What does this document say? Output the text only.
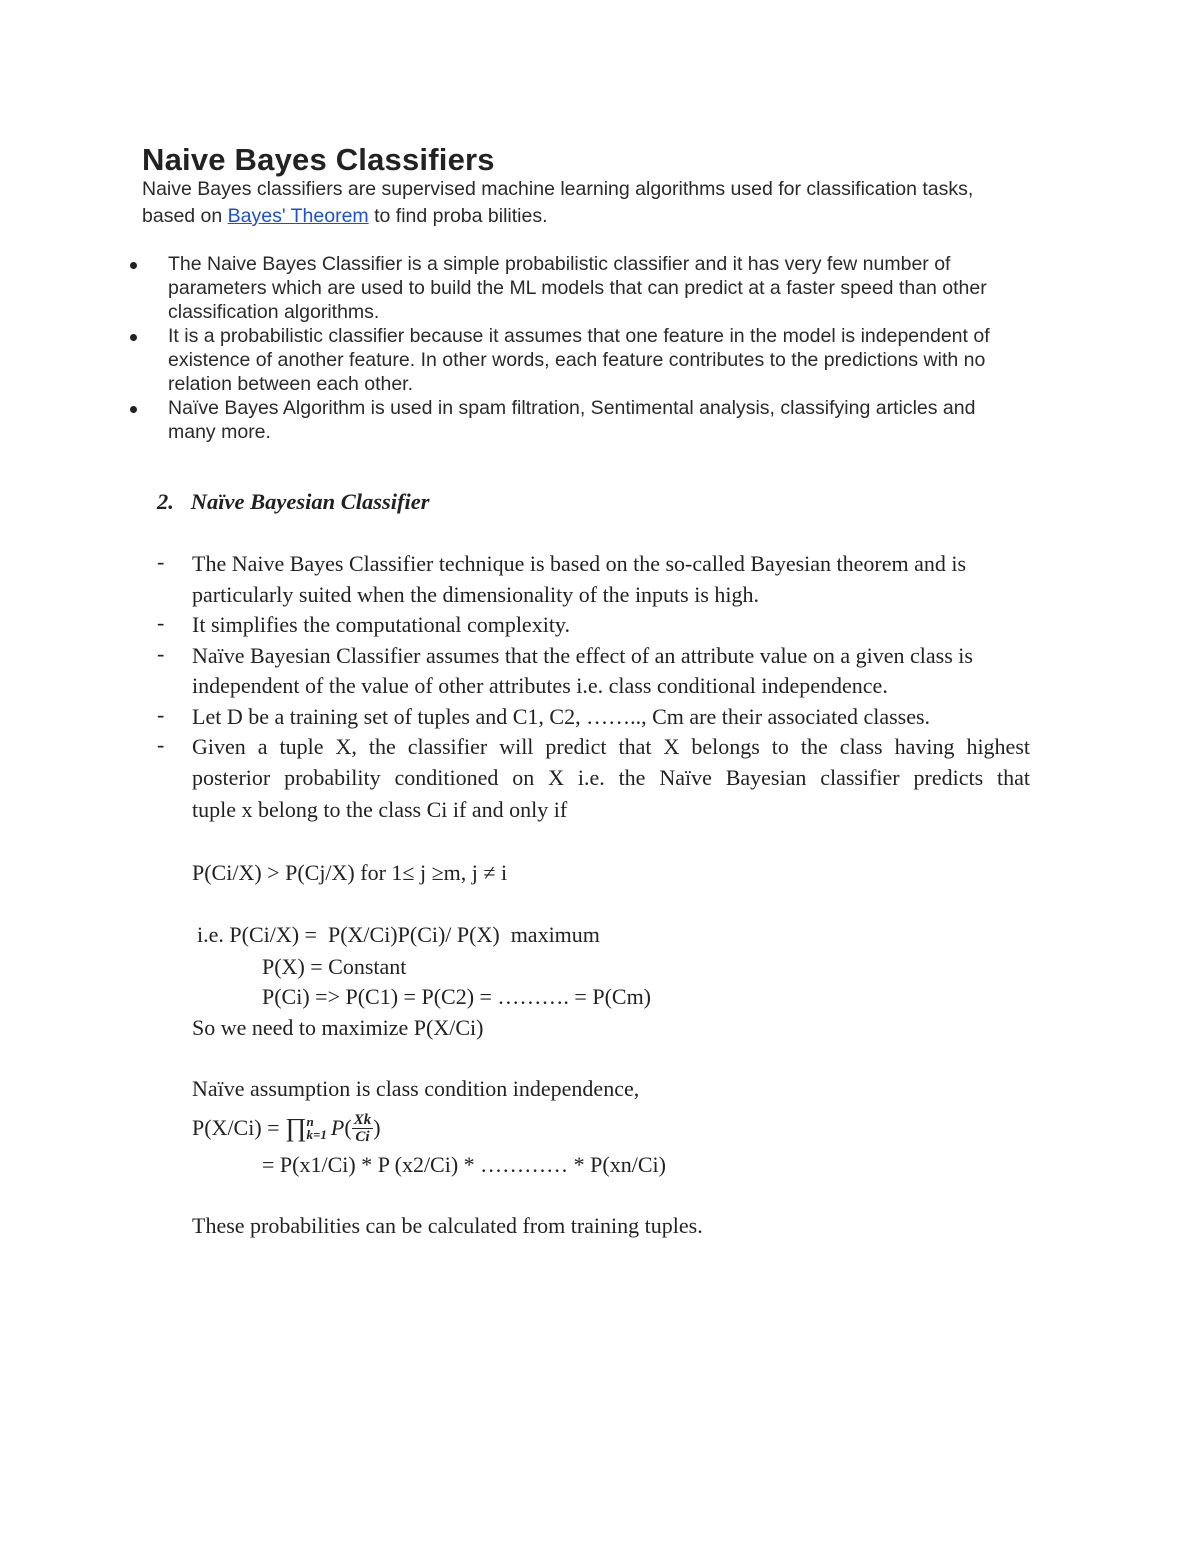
Naive Bayes Classifiers
Naive Bayes classifiers are supervised machine learning algorithms used for classification tasks,
based on Bayes' Theorem to find proba bilities.
The Naive Bayes Classifier is a simple probabilistic classifier and it has very few number of
parameters which are used to build the ML models that can predict at a faster speed than other
classification algorithms.
It is a probabilistic classifier because it assumes that one feature in the model is independent of
existence of another feature. In other words, each feature contributes to the predictions with no
relation between each other.
Naïve Bayes Algorithm is used in spam filtration, Sentimental analysis, classifying articles and
many more.
2.   Naïve Bayesian Classifier
- The Naive Bayes Classifier technique is based on the so-called Bayesian theorem and is
particularly suited when the dimensionality of the inputs is high.
- It simplifies the computational complexity.
- Naïve Bayesian Classifier assumes that the effect of an attribute value on a given class is
independent of the value of other attributes i.e. class conditional independence.
- Let D be a training set of tuples and C1, C2, …….., Cm are their associated classes.
- Given a tuple X, the classifier will predict that X belongs to the class having highest
posterior probability conditioned on X i.e. the Naïve Bayesian classifier predicts that
tuple x belong to the class Ci if and only if
P(Ci/X) > P(Cj/X) for 1≤ j ≥m, j ≠ i
i.e. P(Ci/X) =  P(X/Ci)P(Ci)/ P(X)  maximum
P(X) = Constant
P(Ci) => P(C1) = P(C2) = ………. = P(Cm)
So we need to maximize P(X/Ci)
Naïve assumption is class condition independence,
P(X/Ci) = ∏ n
k=1 P ( $\frac{Xk}{Ci}$ )
= P(x1/Ci) * P (x2/Ci) * ………… * P(xn/Ci)
These probabilities can be calculated from training tuples.
